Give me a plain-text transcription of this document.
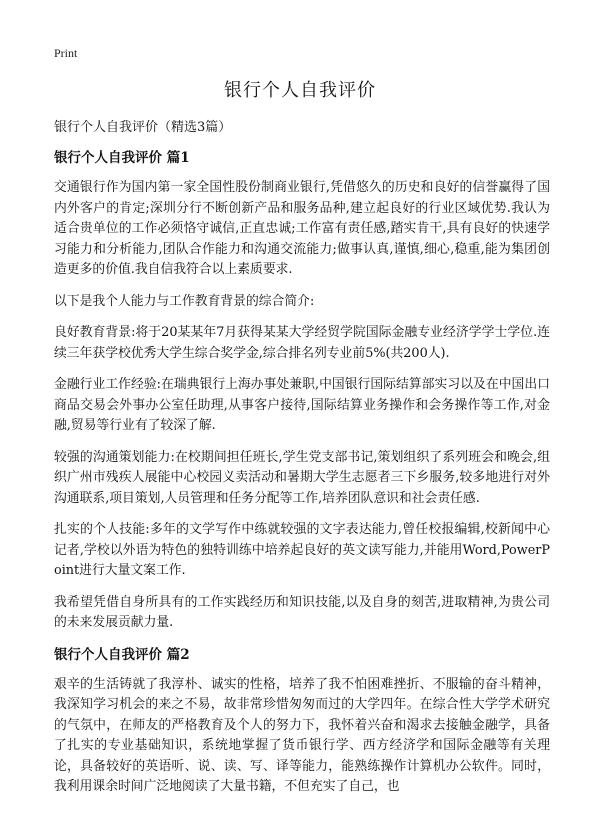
Print
银行个人自我评价

银行个人自我评价（精选3篇）

银行个人自我评价 篇1

交通银行作为国内第一家全国性股份制商业银行,凭借悠久的历史和良好的信誉赢得了国内外客户的肯定;深圳分行不断创新产品和服务品种,建立起良好的行业区域优势.我认为适合贵单位的工作必须恪守诚信,正直忠诚;工作富有责任感,踏实肯干,具有良好的快速学习能力和分析能力,团队合作能力和沟通交流能力;做事认真,谨慎,细心,稳重,能为集团创造更多的价值.我自信我符合以上素质要求.

以下是我个人能力与工作教育背景的综合简介:

良好教育背景:将于20某某年7月获得某某大学经贸学院国际金融专业经济学学士学位.连续三年获学校优秀大学生综合奖学金,综合排名列专业前5%(共200人).

金融行业工作经验:在瑞典银行上海办事处兼职,中国银行国际结算部实习以及在中国出口商品交易会外事办公室任助理,从事客户接待,国际结算业务操作和会务操作等工作,对金融,贸易等行业有了较深了解.

较强的沟通策划能力:在校期间担任班长,学生党支部书记,策划组织了系列班会和晚会,组织广州市残疾人展能中心校园义卖活动和暑期大学生志愿者三下乡服务,较多地进行对外沟通联系,项目策划,人员管理和任务分配等工作,培养团队意识和社会责任感.

扎实的个人技能:多年的文学写作中练就较强的文字表达能力,曾任校报编辑,校新闻中心记者,学校以外语为特色的独特训练中培养起良好的英文读写能力,并能用Word,PowerPoint进行大量文案工作.

我希望凭借自身所具有的工作实践经历和知识技能,以及自身的刻苦,进取精神,为贵公司的未来发展贡献力量.

银行个人自我评价 篇2

艰辛的生活铸就了我淳朴、诚实的性格，培养了我不怕困难挫折、不服输的奋斗精神，我深知学习机会的来之不易，故非常珍惜匆匆而过的大学四年。在综合性大学学术研究的气氛中，在师友的严格教育及个人的努力下，我怀着兴奋和渴求去接触金融学，具备了扎实的专业基础知识，系统地掌握了货币银行学、西方经济学和国际金融等有关理论，具备较好的英语听、说、读、写、译等能力，能熟练操作计算机办公软件。同时，我利用课余时间广泛地阅读了大量书籍，不但充实了自己，也
